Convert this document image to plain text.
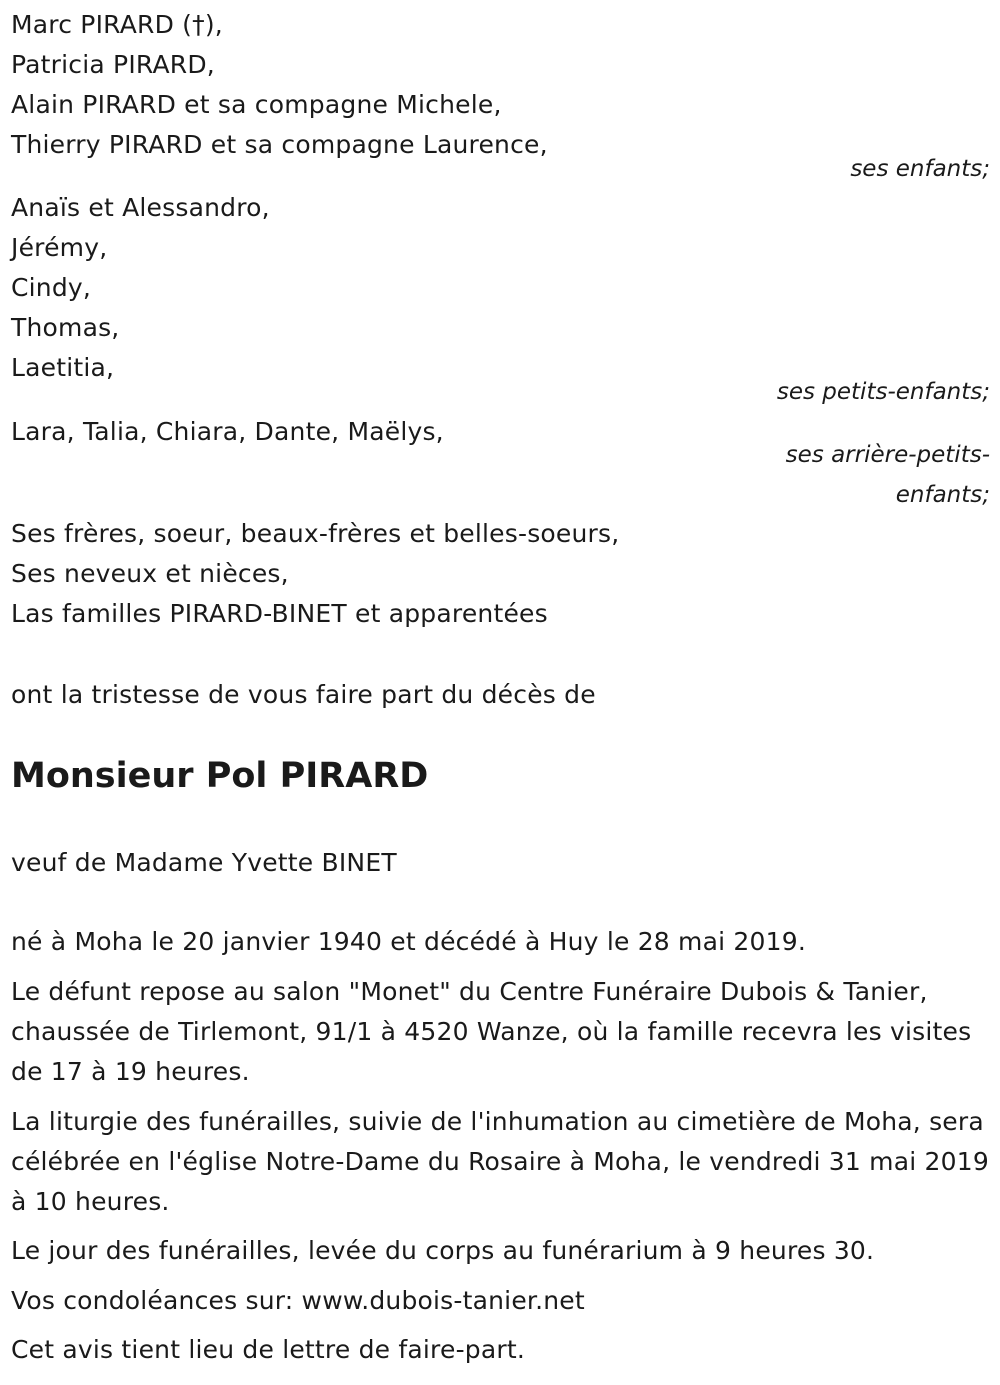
Marc PIRARD (†),
Patricia PIRARD,
Alain PIRARD et sa compagne Michele,
Thierry PIRARD et sa compagne Laurence,
ses enfants;
Anaïs et Alessandro,
Jérémy,
Cindy,
Thomas,
Laetitia,
ses petits-enfants;
Lara, Talia, Chiara, Dante, Maëlys,
ses arrière-petits-
enfants;
Ses frères, soeur, beaux-frères et belles-soeurs,
Ses neveux et nièces,
Las familles PIRARD-BINET et apparentées
ont la tristesse de vous faire part du décès de
Monsieur Pol PIRARD
veuf de Madame Yvette BINET
né à Moha le 20 janvier 1940 et décédé à Huy le 28 mai 2019.
Le défunt repose au salon "Monet" du Centre Funéraire Dubois & Tanier, chaussée de Tirlemont, 91/1 à 4520 Wanze, où la famille recevra les visites de 17 à 19 heures.
La liturgie des funérailles, suivie de l'inhumation au cimetière de Moha, sera célébrée en l'église Notre-Dame du Rosaire à Moha, le vendredi 31 mai 2019 à 10 heures.
Le jour des funérailles, levée du corps au funérarium à 9 heures 30.
Vos condoléances sur: www.dubois-tanier.net
Cet avis tient lieu de lettre de faire-part.
